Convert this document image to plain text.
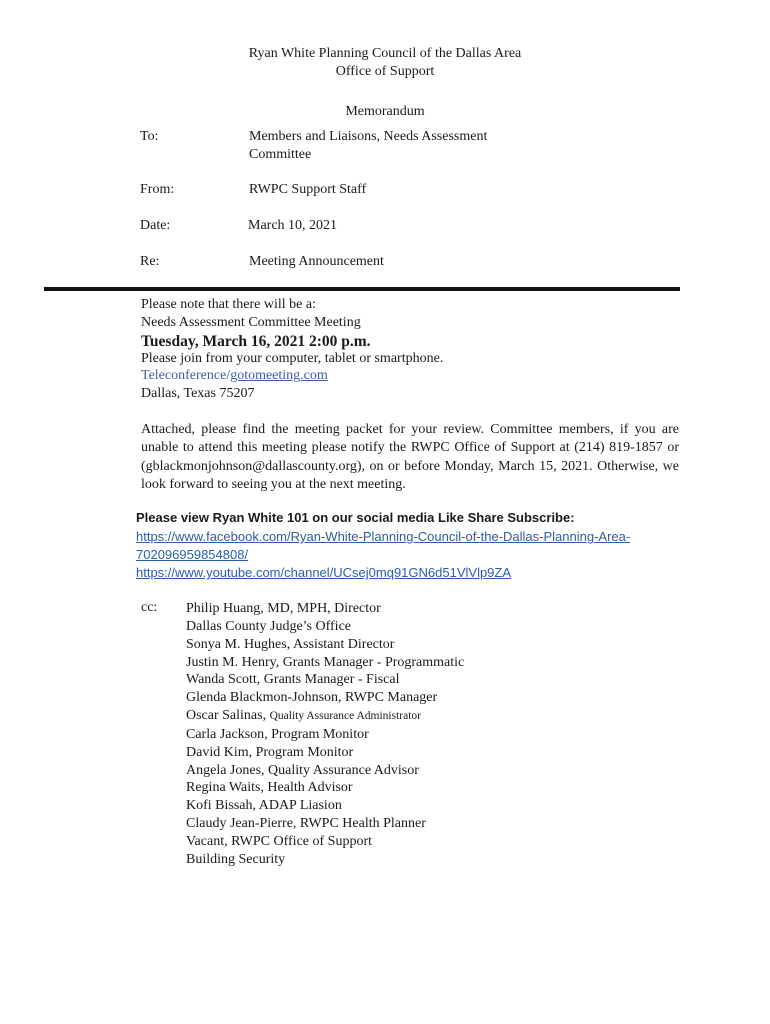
Ryan White Planning Council of the Dallas Area
Office of Support
Memorandum
To:	Members and Liaisons, Needs Assessment
Committee
From:	RWPC Support Staff
Date:	March 10, 2021
Re:	Meeting Announcement
Please note that there will be a:
Needs Assessment Committee Meeting
Tuesday, March 16, 2021 2:00 p.m.
Please join from your computer, tablet or smartphone.
Teleconference/gotomeeting.com
Dallas, Texas 75207
Attached, please find the meeting packet for your review. Committee members, if you are unable to attend this meeting please notify the RWPC Office of Support at (214) 819-1857 or (gblackmonjohnson@dallascounty.org), on or before Monday, March 15, 2021. Otherwise, we look forward to seeing you at the next meeting.
Please view Ryan White 101 on our social media Like Share Subscribe:
https://www.facebook.com/Ryan-White-Planning-Council-of-the-Dallas-Planning-Area-
702096959854808/
https://www.youtube.com/channel/UCsej0mq91GN6d51VlVlp9ZA
cc: Philip Huang, MD, MPH, Director
Dallas County Judge’s Office
Sonya M. Hughes, Assistant Director
Justin M. Henry, Grants Manager - Programmatic
Wanda Scott, Grants Manager - Fiscal
Glenda Blackmon-Johnson, RWPC Manager
Oscar Salinas, Quality Assurance Administrator
Carla Jackson, Program Monitor
David Kim, Program Monitor
Angela Jones, Quality Assurance Advisor
Regina Waits, Health Advisor
Kofi Bissah, ADAP Liasion
Claudy Jean-Pierre, RWPC Health Planner
Vacant, RWPC Office of Support
Building Security
